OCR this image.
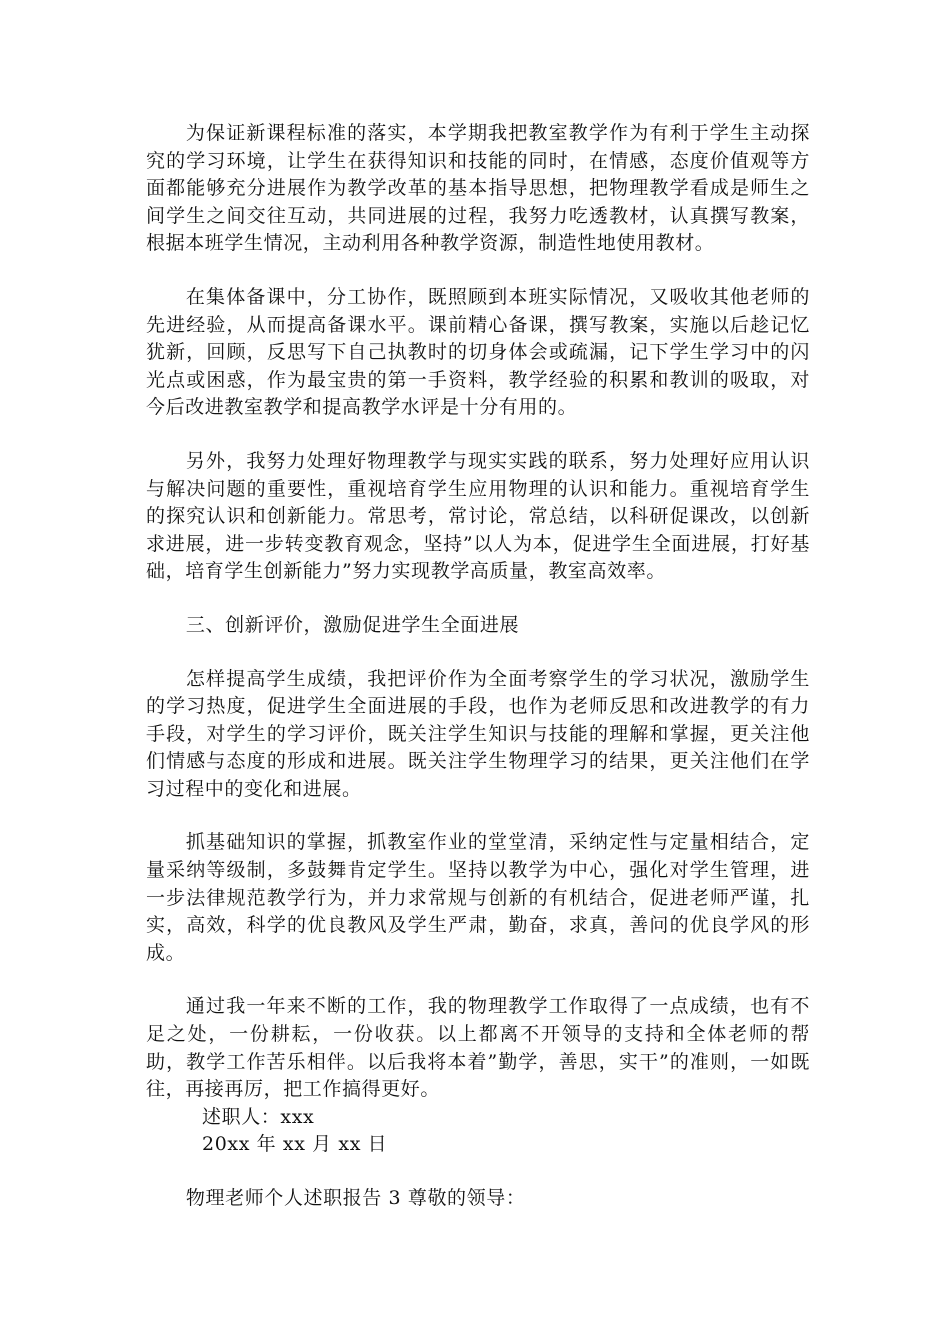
为保证新课程标准的落实，本学期我把教室教学作为有利于学生主动探究的学习环境，让学生在获得知识和技能的同时，在情感，态度价值观等方面都能够充分进展作为教学改革的基本指导思想，把物理教学看成是师生之间学生之间交往互动，共同进展的过程，我努力吃透教材，认真撰写教案，根据本班学生情况，主动利用各种教学资源，制造性地使用教材。

在集体备课中，分工协作，既照顾到本班实际情况，又吸收其他老师的先进经验，从而提高备课水平。课前精心备课，撰写教案，实施以后趁记忆犹新，回顾，反思写下自己执教时的切身体会或疏漏，记下学生学习中的闪光点或困惑，作为最宝贵的第一手资料，教学经验的积累和教训的吸取，对今后改进教室教学和提高教学水评是十分有用的。

另外，我努力处理好物理教学与现实实践的联系，努力处理好应用认识与解决问题的重要性，重视培育学生应用物理的认识和能力。重视培育学生的探究认识和创新能力。常思考，常讨论，常总结，以科研促课改，以创新求进展，进一步转变教育观念，坚持”以人为本，促进学生全面进展，打好基础，培育学生创新能力”努力实现教学高质量，教室高效率。

三、创新评价，激励促进学生全面进展

怎样提高学生成绩，我把评价作为全面考察学生的学习状况，激励学生的学习热度，促进学生全面进展的手段，也作为老师反思和改进教学的有力手段，对学生的学习评价，既关注学生知识与技能的理解和掌握，更关注他们情感与态度的形成和进展。既关注学生物理学习的结果，更关注他们在学习过程中的变化和进展。

抓基础知识的掌握，抓教室作业的堂堂清，采纳定性与定量相结合，定量采纳等级制，多鼓舞肯定学生。坚持以教学为中心，强化对学生管理，进一步法律规范教学行为，并力求常规与创新的有机结合，促进老师严谨，扎实，高效，科学的优良教风及学生严肃，勤奋，求真，善问的优良学风的形成。

通过我一年来不断的工作，我的物理教学工作取得了一点成绩，也有不足之处，一份耕耘，一份收获。以上都离不开领导的支持和全体老师的帮助，教学工作苦乐相伴。以后我将本着”勤学，善思，实干”的准则，一如既往，再接再厉，把工作搞得更好。

述职人：xxx

20xx 年 xx 月 xx 日

物理老师个人述职报告 3 尊敬的领导：
